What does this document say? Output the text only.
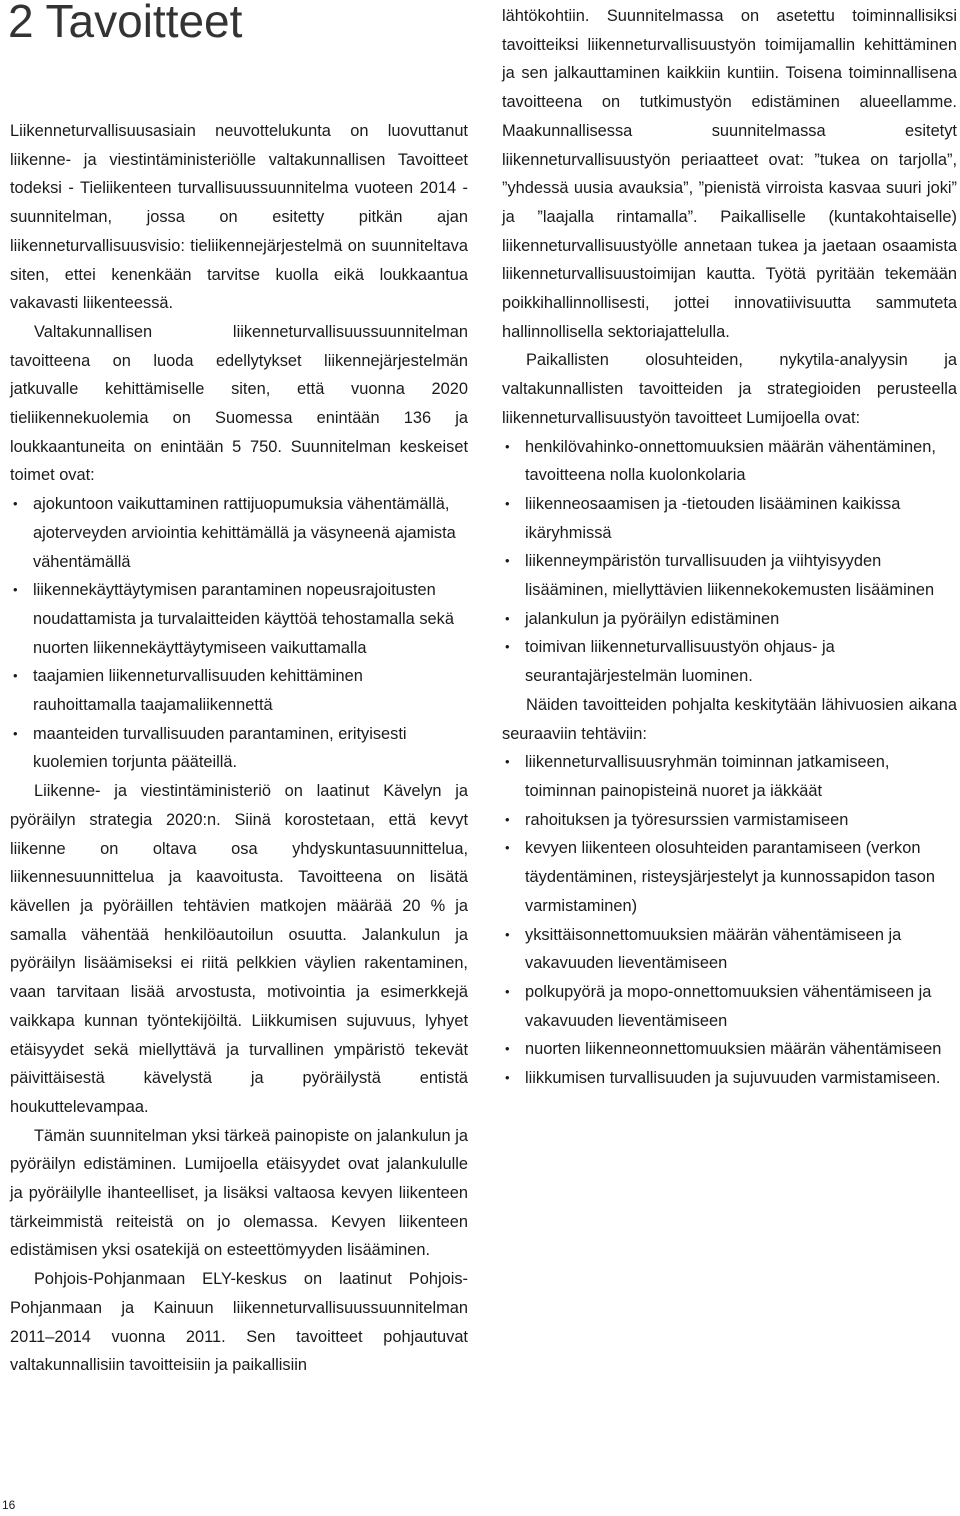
2 Tavoitteet

Liikenneturvallisuusasiain neuvottelukunta on luovuttanut liikenne- ja viestintäministeriölle valtakunnallisen Tavoitteet todeksi - Tieliikenteen turvallisuussuunnitelma vuoteen 2014 -suunnitelman, jossa on esitetty pitkän ajan liikenneturvallisuusvisio: tieliikennejärjestelmä on suunniteltava siten, ettei kenenkään tarvitse kuolla eikä loukkaantua vakavasti liikenteessä.

Valtakunnallisen liikenneturvallisuussuunnitelman tavoitteena on luoda edellytykset liikennejärjestelmän jatkuvalle kehittämiselle siten, että vuonna 2020 tieliikennekuolemia on Suomessa enintään 136 ja loukkaantuneita on enintään 5 750. Suunnitelman keskeiset toimet ovat:

• ajokuntoon vaikuttaminen rattijuopumuksia vähentämällä, ajoterveyden arviointia kehittämällä ja väsyneenä ajamista vähentämällä
• liikennekäyttäytymisen parantaminen nopeusrajoitusten noudattamista ja turvalaitteiden käyttöä tehostamalla sekä nuorten liikennekäyttäytymiseen vaikuttamalla
• taajamien liikenneturvallisuuden kehittäminen rauhoittamalla taajamaliikennettä
• maanteiden turvallisuuden parantaminen, erityisesti kuolemien torjunta pääteillä.

Liikenne- ja viestintäministeriö on laatinut Kävelyn ja pyöräilyn strategia 2020:n. Siinä korostetaan, että kevyt liikenne on oltava osa yhdyskuntasuunnittelua, liikennesuunnittelua ja kaavoitusta. Tavoitteena on lisätä kävellen ja pyöräillen tehtävien matkojen määrää 20 % ja samalla vähentää henkilöautoilun osuutta. Jalankulun ja pyöräilyn lisäämiseksi ei riitä pelkkien väylien rakentaminen, vaan tarvitaan lisää arvostusta, motivointia ja esimerkkejä vaikkapa kunnan työntekijöiltä. Liikkumisen sujuvuus, lyhyet etäisyydet sekä miellyttävä ja turvallinen ympäristö tekevät päivittäisestä kävelystä ja pyöräilystä entistä houkuttelevampaa.

Tämän suunnitelman yksi tärkeä painopiste on jalankulun ja pyöräilyn edistäminen. Lumijoella etäisyydet ovat jalankululle ja pyöräilylle ihanteelliset, ja lisäksi valtaosa kevyen liikenteen tärkeimmistä reiteistä on jo olemassa. Kevyen liikenteen edistämisen yksi osatekijä on esteettömyyden lisääminen.

Pohjois-Pohjanmaan ELY-keskus on laatinut Pohjois-Pohjanmaan ja Kainuun liikenneturvallisuussuunnitelman 2011–2014 vuonna 2011. Sen tavoitteet pohjautuvat valtakunnallisiin tavoitteisiin ja paikallisiin

lähtökohtiin. Suunnitelmassa on asetettu toiminnallisiksi tavoitteiksi liikenneturvallisuustyön toimijamallin kehittäminen ja sen jalkauttaminen kaikkiin kuntiin. Toisena toiminnallisena tavoitteena on tutkimustyön edistäminen alueellamme. Maakunnallisessa suunnitelmassa esitetyt liikenneturvallisuustyön periaatteet ovat: ”tukea on tarjolla”, ”yhdessä uusia avauksia”, ”pienistä virroista kasvaa suuri joki” ja ”laajalla rintamalla”. Paikalliselle (kuntakohtaiselle) liikenneturvallisuustyölle annetaan tukea ja jaetaan osaamista liikenneturvallisuustoimijan kautta. Työtä pyritään tekemään poikkihallinnollisesti, jottei innovatiivisuutta sammuteta hallinnollisella sektoriajattelulla.

Paikallisten olosuhteiden, nykytila-analyysin ja valtakunnallisten tavoitteiden ja strategioiden perusteella liikenneturvallisuustyön tavoitteet Lumijoella ovat:

• henkilövahinko-onnettomuuksien määrän vähentäminen, tavoitteena nolla kuolonkolaria
• liikenneosaamisen ja -tietouden lisääminen kaikissa ikäryhmissä
• liikenneympäristön turvallisuuden ja viihtyisyyden lisääminen, miellyttävien liikennekokemusten lisääminen
• jalankulun ja pyöräilyn edistäminen
• toimivan liikenneturvallisuustyön ohjaus- ja seurantajärjestelmän luominen.

Näiden tavoitteiden pohjalta keskitytään lähivuosien aikana seuraaviin tehtäviin:

• liikenneturvallisuusryhmän toiminnan jatkamiseen, toiminnan painopisteinä nuoret ja iäkkäät
• rahoituksen ja työresurssien varmistamiseen
• kevyen liikenteen olosuhteiden parantamiseen (verkon täydentäminen, risteysjärjestelyt ja kunnossapidon tason varmistaminen)
• yksittäisonnettomuuksien määrän vähentämiseen ja vakavuuden lieventämiseen
• polkupyörä ja mopo-onnettomuuksien vähentämiseen ja vakavuuden lieventämiseen
• nuorten liikenneonnettomuuksien määrän vähentämiseen
• liikkumisen turvallisuuden ja sujuvuuden varmistamiseen.
16
